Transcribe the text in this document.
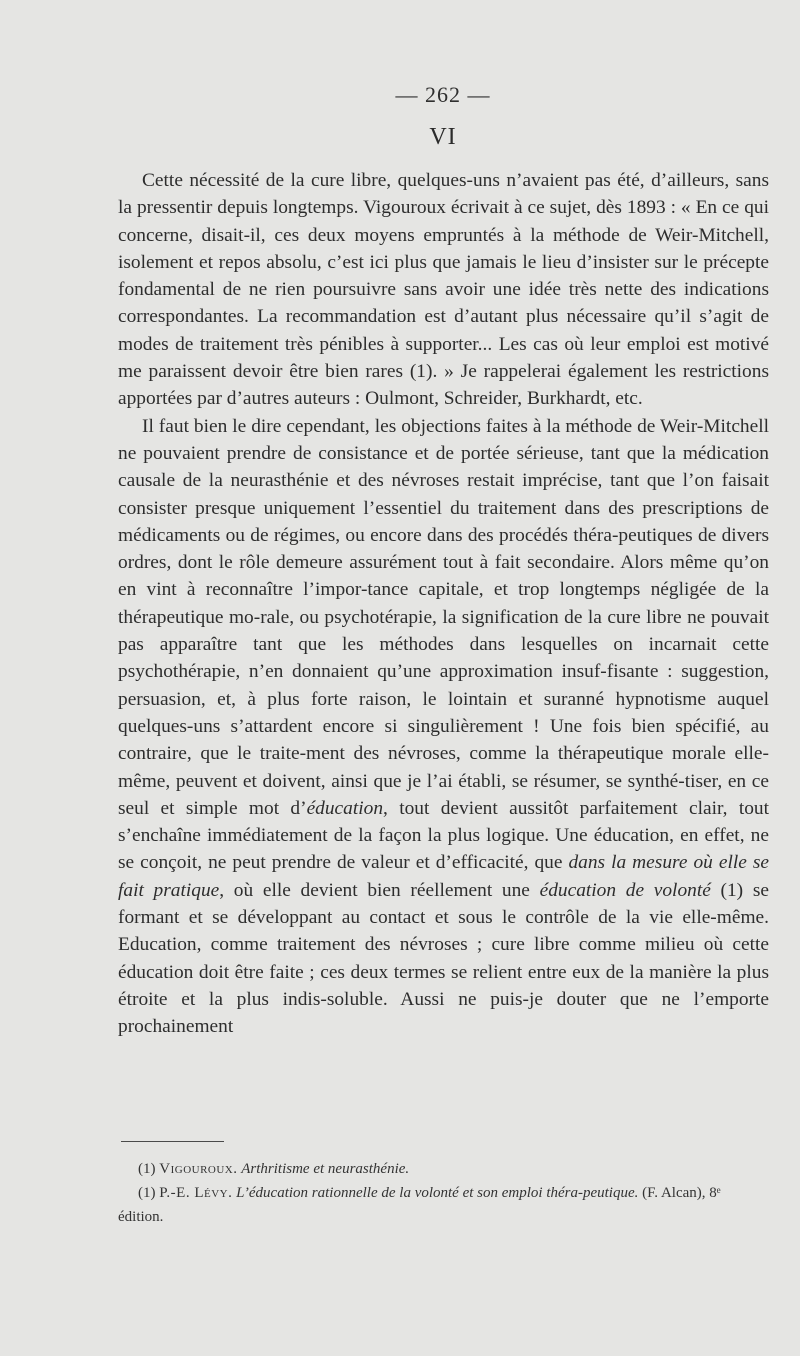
— 262 —
VI

Cette nécessité de la cure libre, quelques-uns n’avaient pas été, d’ailleurs, sans la pressentir depuis longtemps. Vigouroux écrivait à ce sujet, dès 1893 : « En ce qui concerne, disait-il, ces deux moyens empruntés à la méthode de Weir-Mitchell, isolement et repos absolu, c’est ici plus que jamais le lieu d’insister sur le précepte fondamental de ne rien poursuivre sans avoir une idée très nette des indications correspondantes. La recommandation est d’autant plus nécessaire qu’il s’agit de modes de traitement très pénibles à supporter... Les cas où leur emploi est motivé me paraissent devoir être bien rares (1). » Je rappelerai également les restrictions apportées par d’autres auteurs : Oulmont, Schreider, Burkhardt, etc.

Il faut bien le dire cependant, les objections faites à la méthode de Weir-Mitchell ne pouvaient prendre de consistance et de portée sérieuse, tant que la médication causale de la neurasthénie et des névroses restait imprécise, tant que l’on faisait consister presque uniquement l’essentiel du traitement dans des prescriptions de médicaments ou de régimes, ou encore dans des procédés théra-peutiques de divers ordres, dont le rôle demeure assurément tout à fait secondaire. Alors même qu’on en vint à reconnaître l’impor-tance capitale, et trop longtemps négligée de la thérapeutique mo-rale, ou psychotérapie, la signification de la cure libre ne pouvait pas apparaître tant que les méthodes dans lesquelles on incarnait cette psychothérapie, n’en donnaient qu’une approximation insuf-fisante : suggestion, persuasion, et, à plus forte raison, le lointain et suranné hypnotisme auquel quelques-uns s’attardent encore si singulièrement ! Une fois bien spécifié, au contraire, que le traite-ment des névroses, comme la thérapeutique morale elle-même, peuvent et doivent, ainsi que je l’ai établi, se résumer, se synthé-tiser, en ce seul et simple mot d’éducation, tout devient aussitôt parfaitement clair, tout s’enchaîne immédiatement de la façon la plus logique. Une éducation, en effet, ne se conçoit, ne peut prendre de valeur et d’efficacité, que dans la mesure où elle se fait pratique, où elle devient bien réellement une éducation de volonté (1) se formant et se développant au contact et sous le contrôle de la vie elle-même. Education, comme traitement des névroses ; cure libre comme milieu où cette éducation doit être faite ; ces deux termes se relient entre eux de la manière la plus étroite et la plus indis-soluble. Aussi ne puis-je douter que ne l’emporte prochainement

(1) Vigouroux. Arthritisme et neurasthénie.

(1) P.-E. Lévy. L’éducation rationnelle de la volonté et son emploi théra-peutique. (F. Alcan), 8ᵉ édition.
